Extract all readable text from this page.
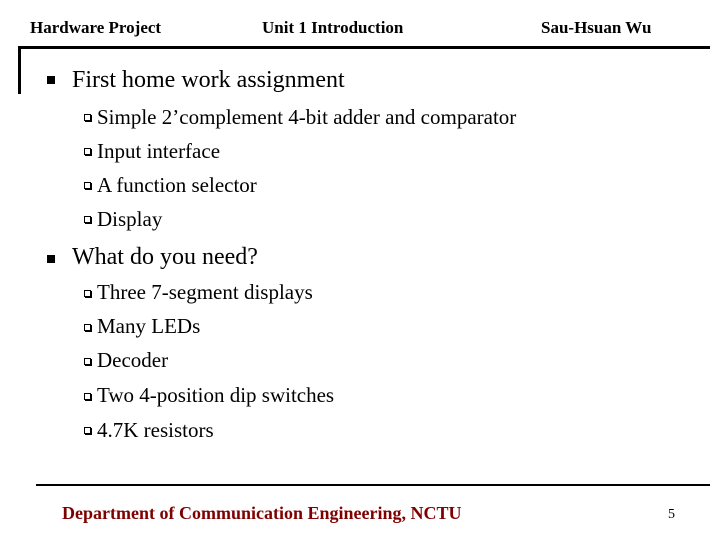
Hardware Project	Unit 1 Introduction	Sau-Hsuan Wu
First home work assignment
Simple 2’complement 4-bit adder and comparator
Input interface
A function selector
Display
What do you need?
Three 7-segment displays
Many LEDs
Decoder
Two 4-position dip switches
4.7K resistors
Department of Communication Engineering, NCTU	5
